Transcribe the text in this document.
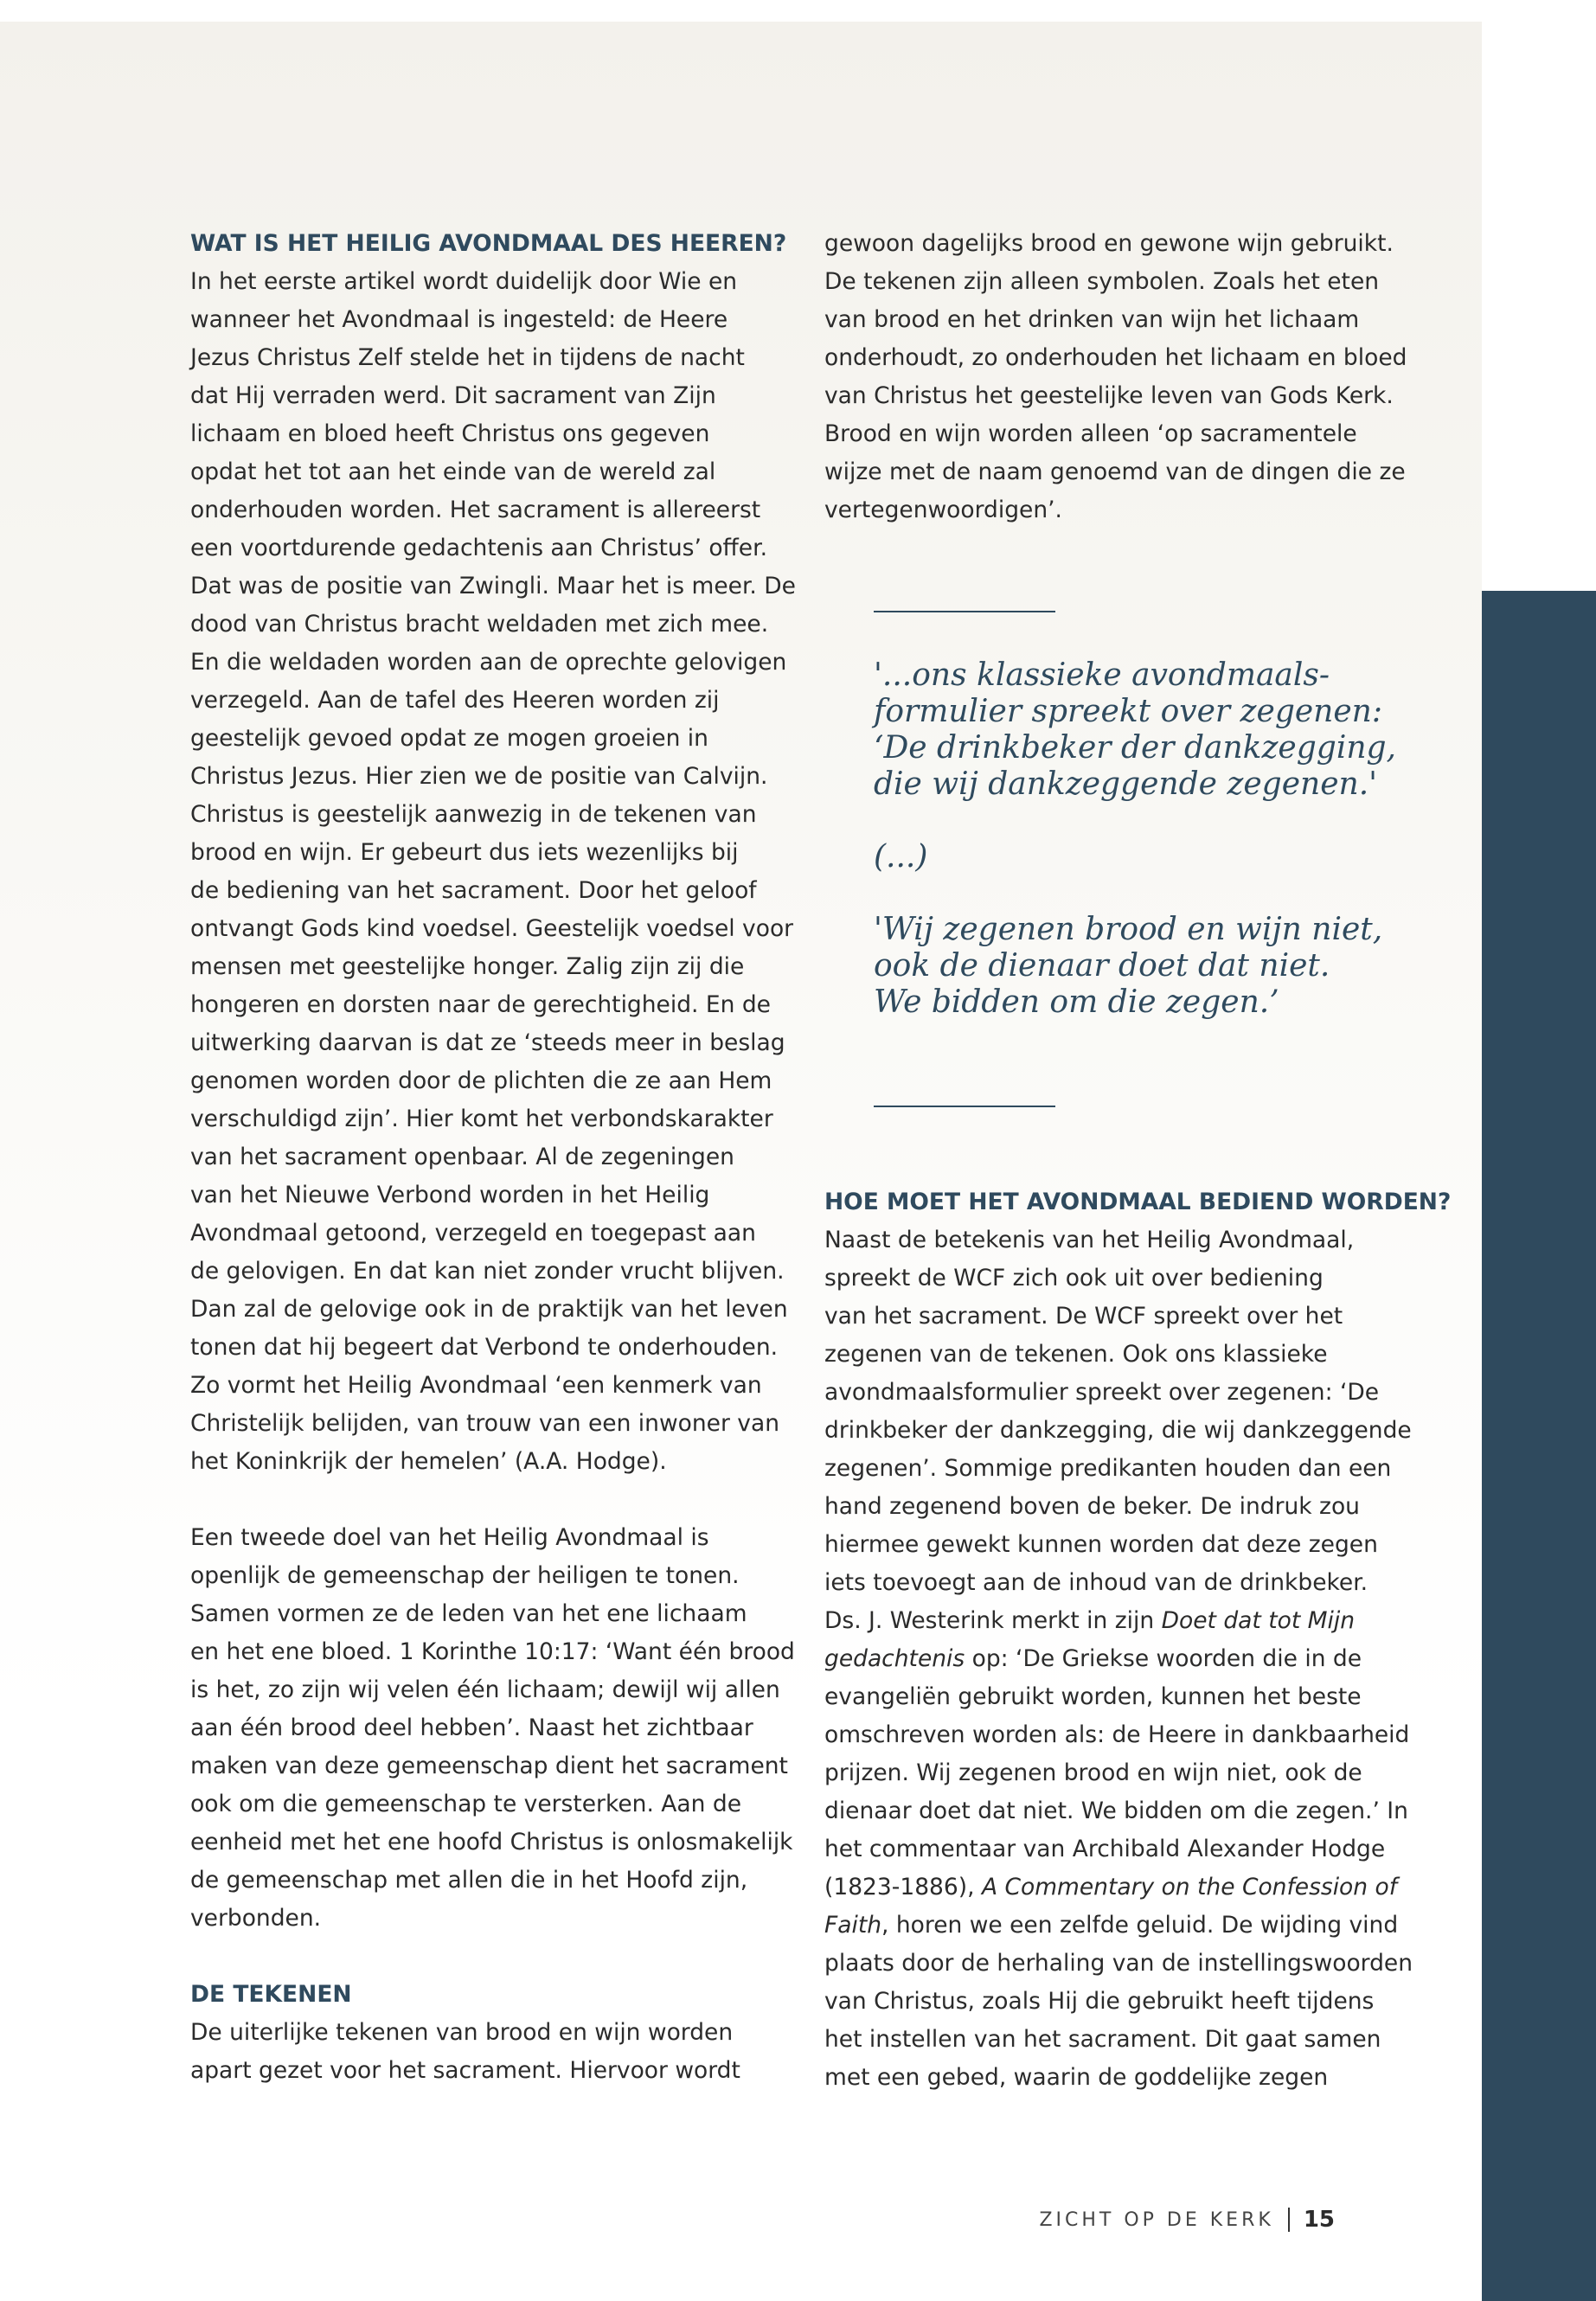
WAT IS HET HEILIG AVONDMAAL DES HEEREN?
In het eerste artikel wordt duidelijk door Wie en
wanneer het Avondmaal is ingesteld: de Heere
Jezus Christus Zelf stelde het in tijdens de nacht
dat Hij verraden werd. Dit sacrament van Zijn
lichaam en bloed heeft Christus ons gegeven
opdat het tot aan het einde van de wereld zal
onderhouden worden. Het sacrament is allereerst
een voortdurende gedachtenis aan Christus’ offer.
Dat was de positie van Zwingli. Maar het is meer. De
dood van Christus bracht weldaden met zich mee.
En die weldaden worden aan de oprechte gelovigen
verzegeld. Aan de tafel des Heeren worden zij
geestelijk gevoed opdat ze mogen groeien in
Christus Jezus. Hier zien we de positie van Calvijn.
Christus is geestelijk aanwezig in de tekenen van
brood en wijn. Er gebeurt dus iets wezenlijks bij
de bediening van het sacrament. Door het geloof
ontvangt Gods kind voedsel. Geestelijk voedsel voor
mensen met geestelijke honger. Zalig zijn zij die
hongeren en dorsten naar de gerechtigheid. En de
uitwerking daarvan is dat ze ‘steeds meer in beslag
genomen worden door de plichten die ze aan Hem
verschuldigd zijn’. Hier komt het verbondskarakter
van het sacrament openbaar. Al de zegeningen
van het Nieuwe Verbond worden in het Heilig
Avondmaal getoond, verzegeld en toegepast aan
de gelovigen. En dat kan niet zonder vrucht blijven.
Dan zal de gelovige ook in de praktijk van het leven
tonen dat hij begeert dat Verbond te onderhouden.
Zo vormt het Heilig Avondmaal ‘een kenmerk van
Christelijk belijden, van trouw van een inwoner van
het Koninkrijk der hemelen’ (A.A. Hodge).
Een tweede doel van het Heilig Avondmaal is
openlijk de gemeenschap der heiligen te tonen.
Samen vormen ze de leden van het ene lichaam
en het ene bloed. 1 Korinthe 10:17: ‘Want één brood
is het, zo zijn wij velen één lichaam; dewijl wij allen
aan één brood deel hebben’. Naast het zichtbaar
maken van deze gemeenschap dient het sacrament
ook om die gemeenschap te versterken. Aan de
eenheid met het ene hoofd Christus is onlosmakelijk
de gemeenschap met allen die in het Hoofd zijn,
verbonden.
DE TEKENEN
De uiterlijke tekenen van brood en wijn worden
apart gezet voor het sacrament. Hiervoor wordt
gewoon dagelijks brood en gewone wijn gebruikt.
De tekenen zijn alleen symbolen. Zoals het eten
van brood en het drinken van wijn het lichaam
onderhoudt, zo onderhouden het lichaam en bloed
van Christus het geestelijke leven van Gods Kerk.
Brood en wijn worden alleen ‘op sacramentele
wijze met de naam genoemd van de dingen die ze
vertegenwoordigen’.
HOE MOET HET AVONDMAAL BEDIEND WORDEN?
Naast de betekenis van het Heilig Avondmaal,
spreekt de WCF zich ook uit over bediening
van het sacrament. De WCF spreekt over het
zegenen van de tekenen. Ook ons klassieke
avondmaalsformulier spreekt over zegenen: ‘De
drinkbeker der dankzegging, die wij dankzeggende
zegenen’. Sommige predikanten houden dan een
hand zegenend boven de beker. De indruk zou
hiermee gewekt kunnen worden dat deze zegen
iets toevoegt aan de inhoud van de drinkbeker.
Ds. J. Westerink merkt in zijn Doet dat tot Mijn
gedachtenis op: ‘De Griekse woorden die in de
evangeliën gebruikt worden, kunnen het beste
omschreven worden als: de Heere in dankbaarheid
prijzen. Wij zegenen brood en wijn niet, ook de
dienaar doet dat niet. We bidden om die zegen.’ In
het commentaar van Archibald Alexander Hodge
(1823-1886), A Commentary on the Confession of
Faith, horen we een zelfde geluid. De wijding vind
plaats door de herhaling van de instellingswoorden
van Christus, zoals Hij die gebruikt heeft tijdens
het instellen van het sacrament. Dit gaat samen
met een gebed, waarin de goddelijke zegen
'...ons klassieke avondmaals-
formulier spreekt over zegenen:
‘De drinkbeker der dankzegging,
die wij dankzeggende zegenen.'
(...)
'Wij zegenen brood en wijn niet,
ook de dienaar doet dat niet.
We bidden om die zegen.’
ZICHT OP DE KERK 15
